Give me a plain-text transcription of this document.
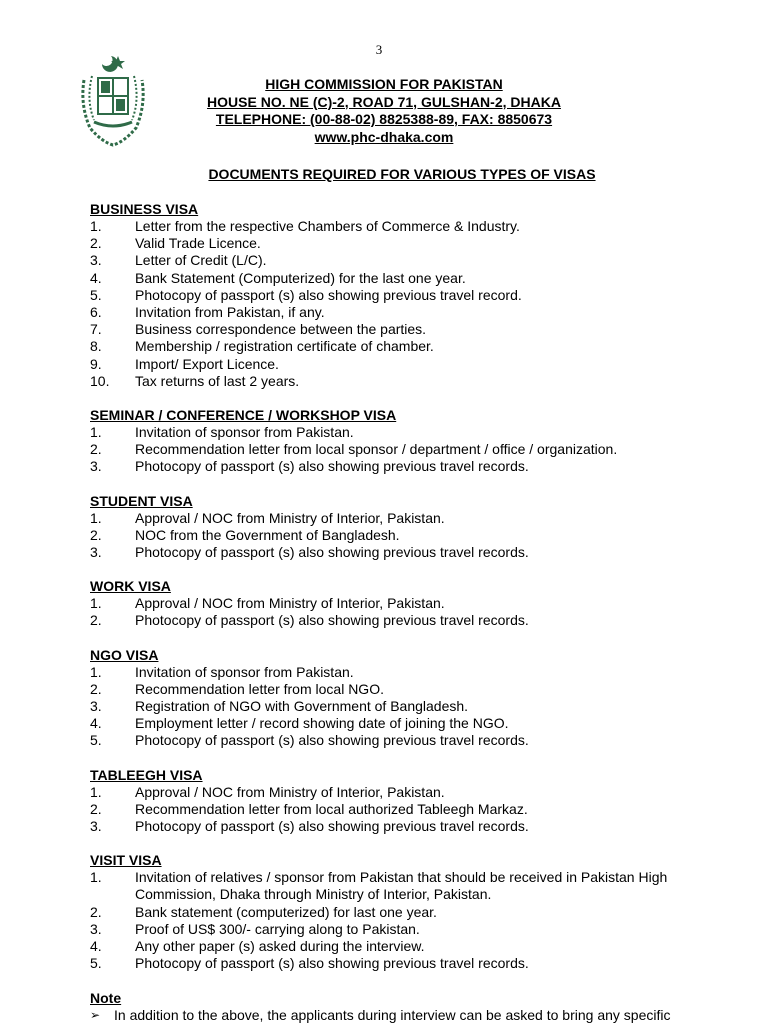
3
HIGH COMMISSION FOR PAKISTAN
HOUSE NO. NE (C)-2, ROAD 71, GULSHAN-2, DHAKA
TELEPHONE: (00-88-02) 8825388-89, FAX: 8850673
www.phc-dhaka.com
DOCUMENTS REQUIRED FOR VARIOUS TYPES OF VISAS
BUSINESS VISA
1.	Letter from the respective Chambers of Commerce & Industry.
2.	Valid Trade Licence.
3.	Letter of Credit (L/C).
4.	Bank Statement (Computerized) for the last one year.
5.	Photocopy of passport (s) also showing previous travel record.
6.	Invitation from Pakistan, if any.
7.	Business correspondence between the parties.
8.	Membership / registration certificate of chamber.
9.	Import/ Export Licence.
10.	Tax returns of last 2 years.
SEMINAR / CONFERENCE / WORKSHOP VISA
1.	Invitation of sponsor from Pakistan.
2.	Recommendation letter from local sponsor / department / office / organization.
3.	Photocopy of passport (s) also showing previous travel records.
STUDENT VISA
1.	Approval / NOC from Ministry of Interior, Pakistan.
2.	NOC from the Government of Bangladesh.
3.	Photocopy of passport (s) also showing previous travel records.
WORK VISA
1.	Approval / NOC from Ministry of Interior, Pakistan.
2.	Photocopy of passport (s) also showing previous travel records.
NGO VISA
1.	Invitation of sponsor from Pakistan.
2.	Recommendation letter from local NGO.
3.	Registration of NGO with Government of Bangladesh.
4.	Employment letter / record showing date of joining the NGO.
5.	Photocopy of passport (s) also showing previous travel records.
TABLEEGH VISA
1.	Approval / NOC from Ministry of Interior, Pakistan.
2.	Recommendation letter from local authorized Tableegh Markaz.
3.	Photocopy of passport (s) also showing previous travel records.
VISIT VISA
1.	Invitation of relatives / sponsor from Pakistan that should be received in Pakistan High Commission, Dhaka through Ministry of Interior, Pakistan.
2.	Bank statement (computerized) for last one year.
3.	Proof of US$ 300/- carrying along to Pakistan.
4.	Any other paper (s) asked during the interview.
5.	Photocopy of passport (s) also showing previous travel records.
Note
➢ In addition to the above, the applicants during interview can be asked to bring any specific
